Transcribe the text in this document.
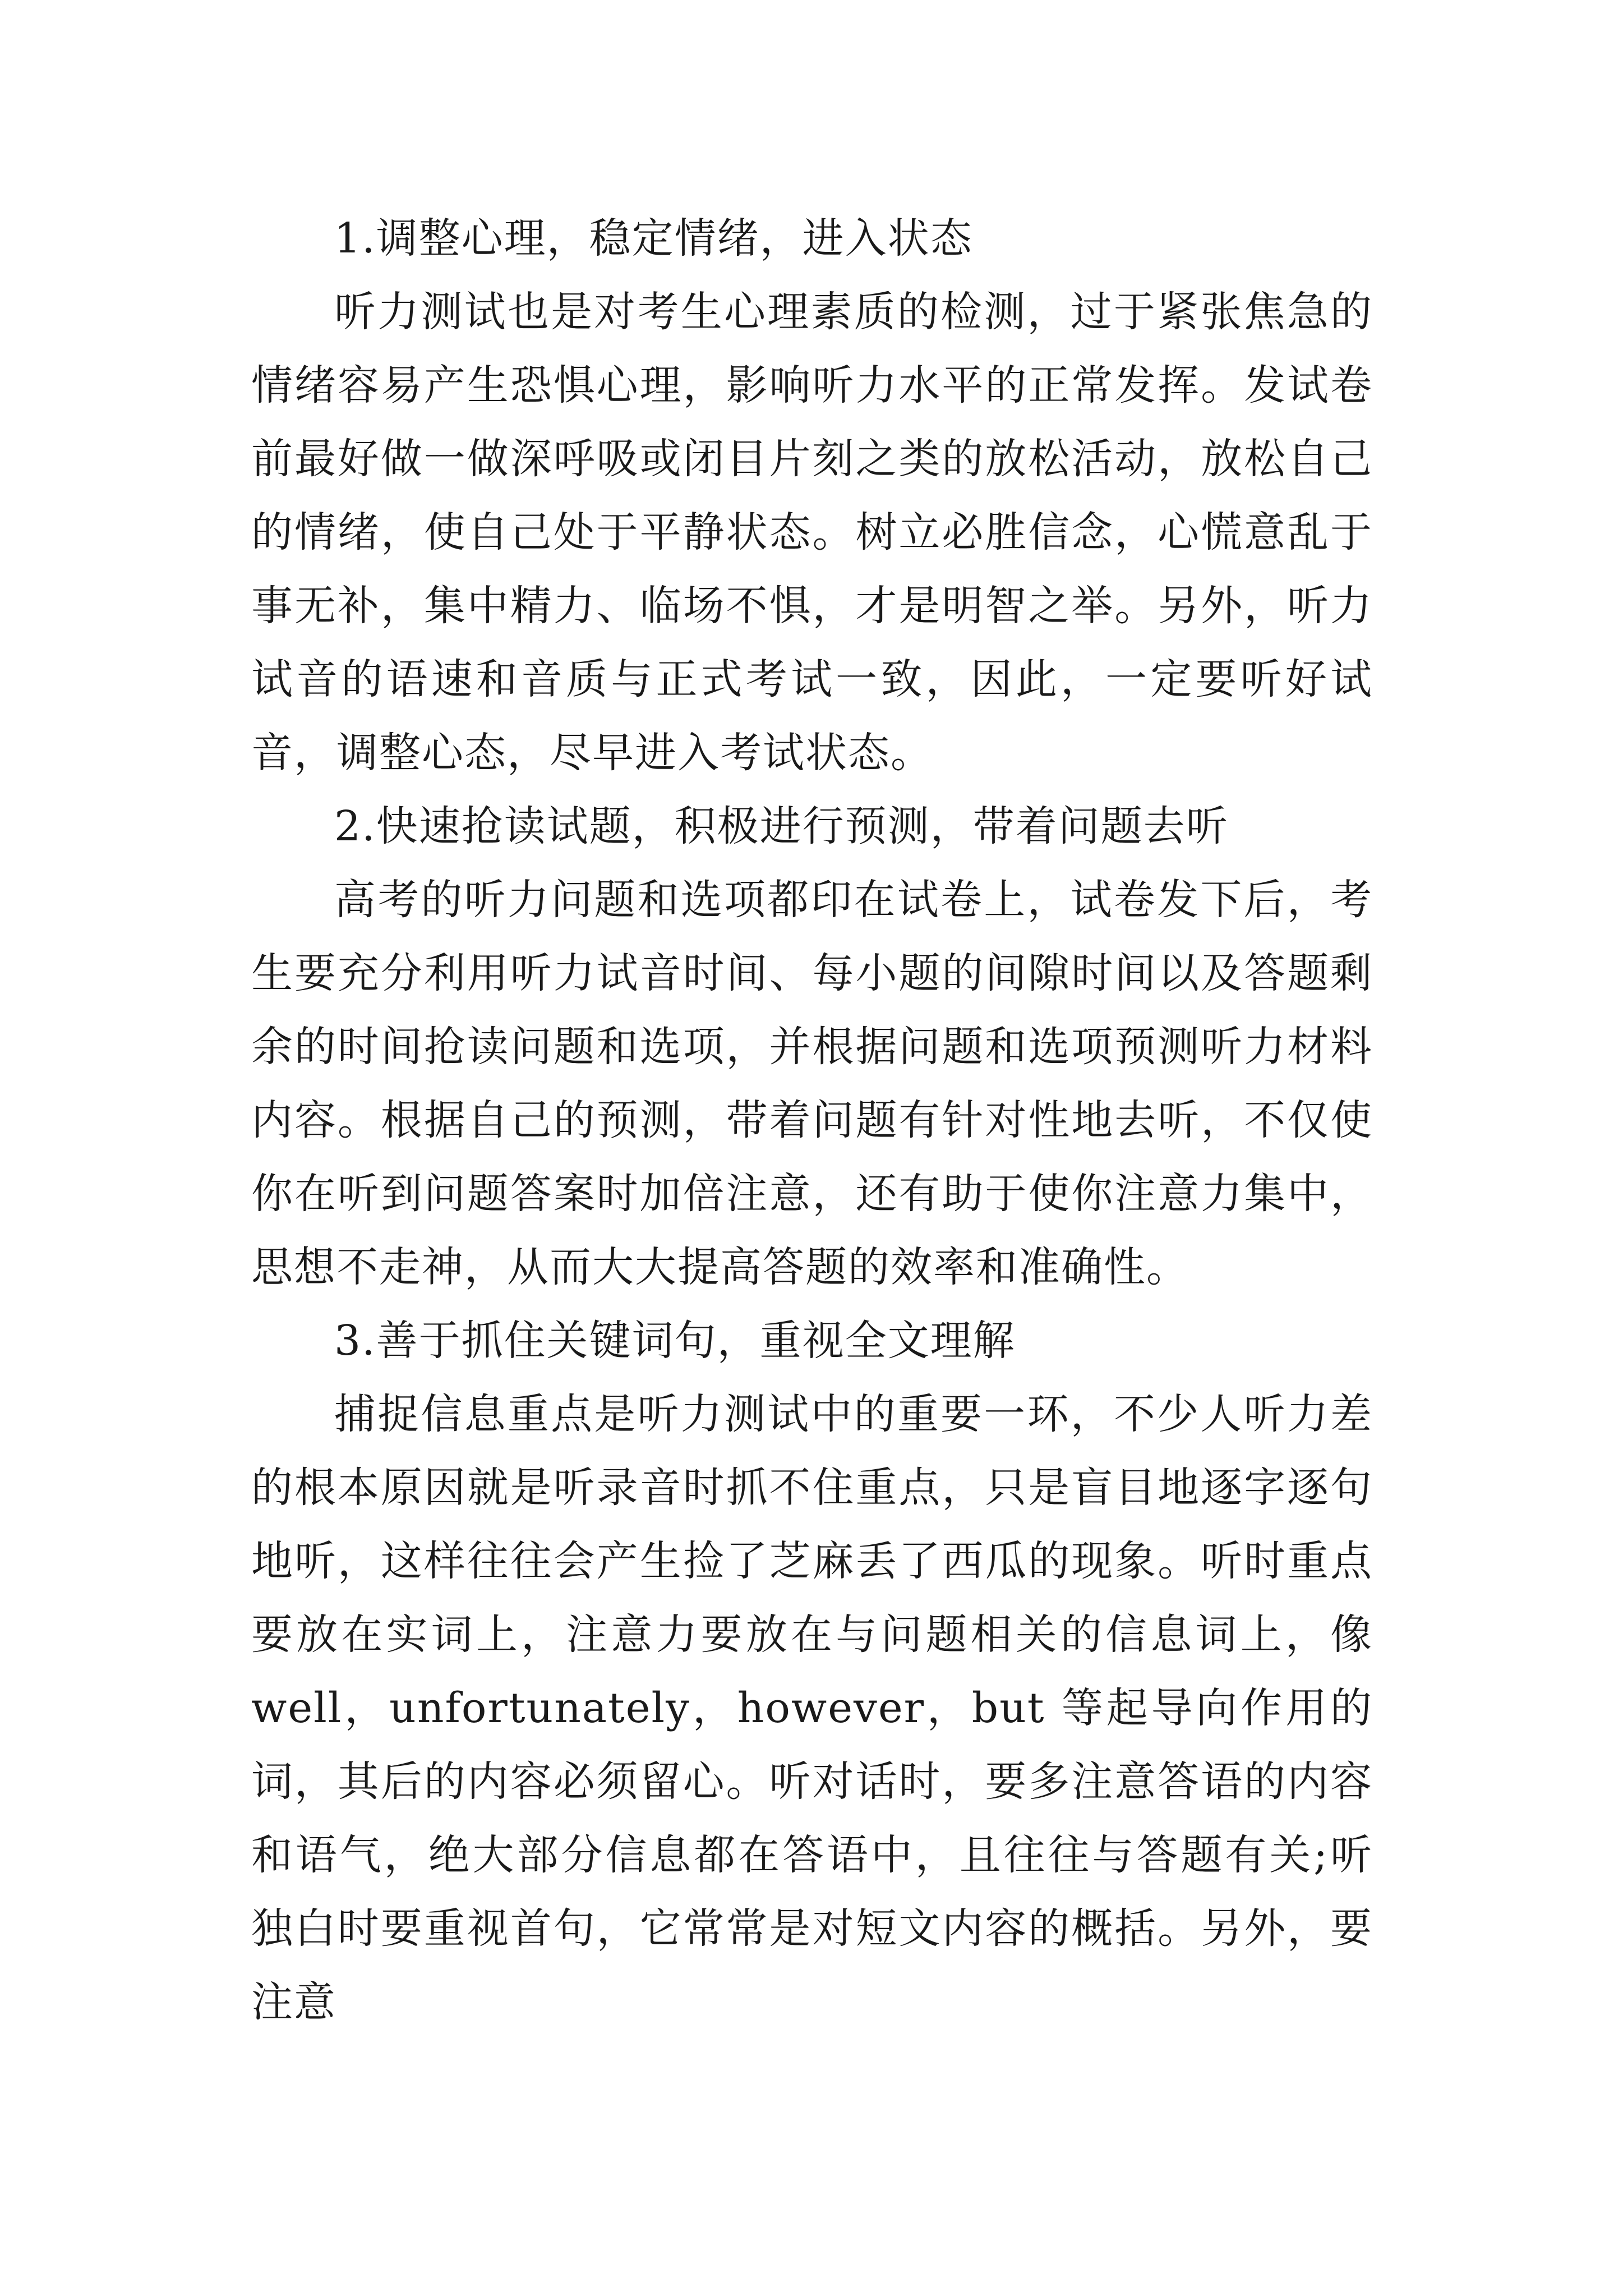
1.调整心理，稳定情绪，进入状态

听力测试也是对考生心理素质的检测，过于紧张焦急的情绪容易产生恐惧心理，影响听力水平的正常发挥。发试卷前最好做一做深呼吸或闭目片刻之类的放松活动，放松自己的情绪，使自己处于平静状态。树立必胜信念，心慌意乱于事无补，集中精力、临场不惧，才是明智之举。另外，听力试音的语速和音质与正式考试一致，因此，一定要听好试音，调整心态，尽早进入考试状态。

2.快速抢读试题，积极进行预测，带着问题去听

高考的听力问题和选项都印在试卷上，试卷发下后，考生要充分利用听力试音时间、每小题的间隙时间以及答题剩余的时间抢读问题和选项，并根据问题和选项预测听力材料内容。根据自己的预测，带着问题有针对性地去听，不仅使你在听到问题答案时加倍注意，还有助于使你注意力集中，思想不走神，从而大大提高答题的效率和准确性。

3.善于抓住关键词句，重视全文理解

捕捉信息重点是听力测试中的重要一环，不少人听力差的根本原因就是听录音时抓不住重点，只是盲目地逐字逐句地听，这样往往会产生捡了芝麻丢了西瓜的现象。听时重点要放在实词上，注意力要放在与问题相关的信息词上，像well，unfortunately，however，but 等起导向作用的词，其后的内容必须留心。听对话时，要多注意答语的内容和语气，绝大部分信息都在答语中，且往往与答题有关;听独白时要重视首句，它常常是对短文内容的概括。另外，要注意
